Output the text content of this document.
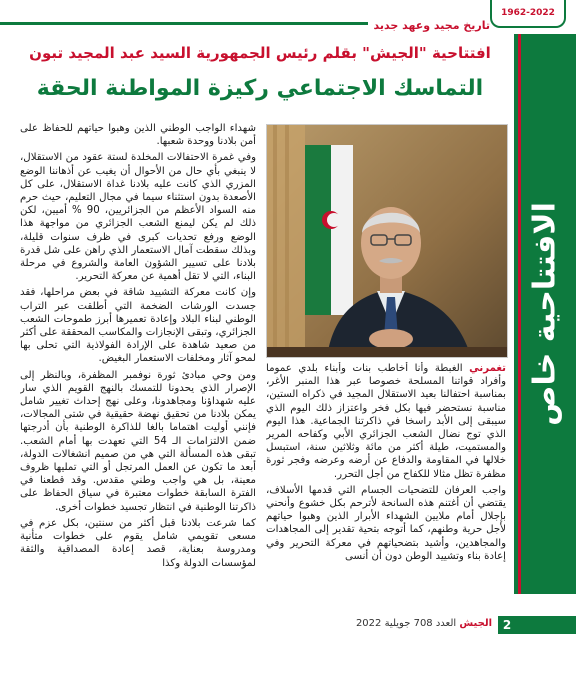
تاريخ مجيد وعهد جديد
1962-2022
الافتتاحية خاص
افتتاحية "الجيش" بقلم رئيس الجمهورية السيد عبد المجيد تبون
التماسك الاجتماعي ركيزة المواطنة الحقة

شهداء الواجب الوطني الذين وهبوا حياتهم للحفاظ على أمن بلادنا ووحدة شعبها.

وفي غمرة الاحتفالات المخلدة لستة عقود من الاستقلال، لا ينبغي بأي حال من الأحوال أن يغيب عن أذهاننا الوضع المزري الذي كانت عليه بلادنا غداة الاستقلال، على كل الأصعدة بدون استثناء سيما في مجال التعليم، حيث حرم منه السواد الأعظم من الجزائريين، 90 % أميين، لكن ذلك لم يكن ليمنع الشعب الجزائري من مواجهة هذا الوضع ورفع تحديات كبرى في ظرف سنوات قليلة، وبذلك سقطت آمال الاستعمار الذي راهن على شل قدرة بلادنا على تسيير الشؤون العامة والشروع في مرحلة البناء، التي لا تقل أهمية عن معركة التحرير.

وإن كانت معركة التشييد شاقة في بعض مراحلها، فقد جسدت الورشات الضخمة التي أطلقت عبر التراب الوطني لبناء البلاد وإعادة تعميرها أبرز طموحات الشعب الجزائري، وتبقى الإنجازات والمكاسب المحققة على أكثر من صعيد شاهدة على الإرادة الفولاذية التي تحلى بها لمحو آثار ومخلفات الاستعمار البغيض.

ومن وحي مبادئ ثورة نوفمبر المظفرة، وبالنظر إلى الإصرار الذي يحدونا للتمسك بالنهج القويم الذي سار عليه شهداؤنا ومجاهدونا، وعلى نهج إحداث تغيير شامل يمكن بلادنا من تحقيق نهضة حقيقية في شتى المجالات، فإنني أوليت اهتماما بالغا للذاكرة الوطنية بأن أدرجتها ضمن الالتزامات الـ 54 التي تعهدت بها أمام الشعب. تبقى هذه المسألة التي هي من صميم انشغالات الدولة، أبعد ما تكون عن العمل المرتجل أو التي تمليها ظروف معينة، بل هي واجب وطني مقدس. وقد قطعنا في الفترة السابقة خطوات معتبرة في سياق الحفاظ على ذاكرتنا الوطنية في انتظار تجسيد خطوات أخرى.

كما شرعت بلادنا قبل أكثر من سنتين، بكل عزم في مسعى تقويمي شامل يقوم على خطوات متأنية ومدروسة بعناية، قصد إعادة المصداقية والثقة لمؤسسات الدولة وكذا

تغمرني الغبطة وأنا أخاطب بنات وأبناء بلدي عموما وأفراد قواتنا المسلحة خصوصا عبر هذا المنبر الأغر، بمناسبة احتفالنا بعيد الاستقلال المجيد في ذكراه الستين، مناسبة نستحضر فيها بكل فخر واعتزاز ذلك اليوم الذي سيبقى إلى الأبد راسخا في ذاكرتنا الجماعية. هذا اليوم الذي توج نضال الشعب الجزائري الأبي وكفاحه المرير والمستميت، طيلة أكثر من مائة وثلاثين سنة، استبسل خلالها في المقاومة والدفاع عن أرضه وعرضه وفجر ثورة مظفرة تظل مثالا للكفاح من أجل التحرر.

واجب العرفان للتضحيات الجسام التي قدمها الأسلاف، يقتضي أن أغتنم هذه السانحة لأترحم بكل خشوع وأنحني بإجلال أمام ملايين الشهداء الأبرار الذين وهبوا حياتهم لأجل حرية وطنهم، كما أتوجه بتحية تقدير إلى المجاهدات والمجاهدين، وأشيد بتضحياتهم في معركة التحرير وفي إعادة بناء وتشييد الوطن دون أن أنسى

2
الجيش العدد 708 جويلية 2022
